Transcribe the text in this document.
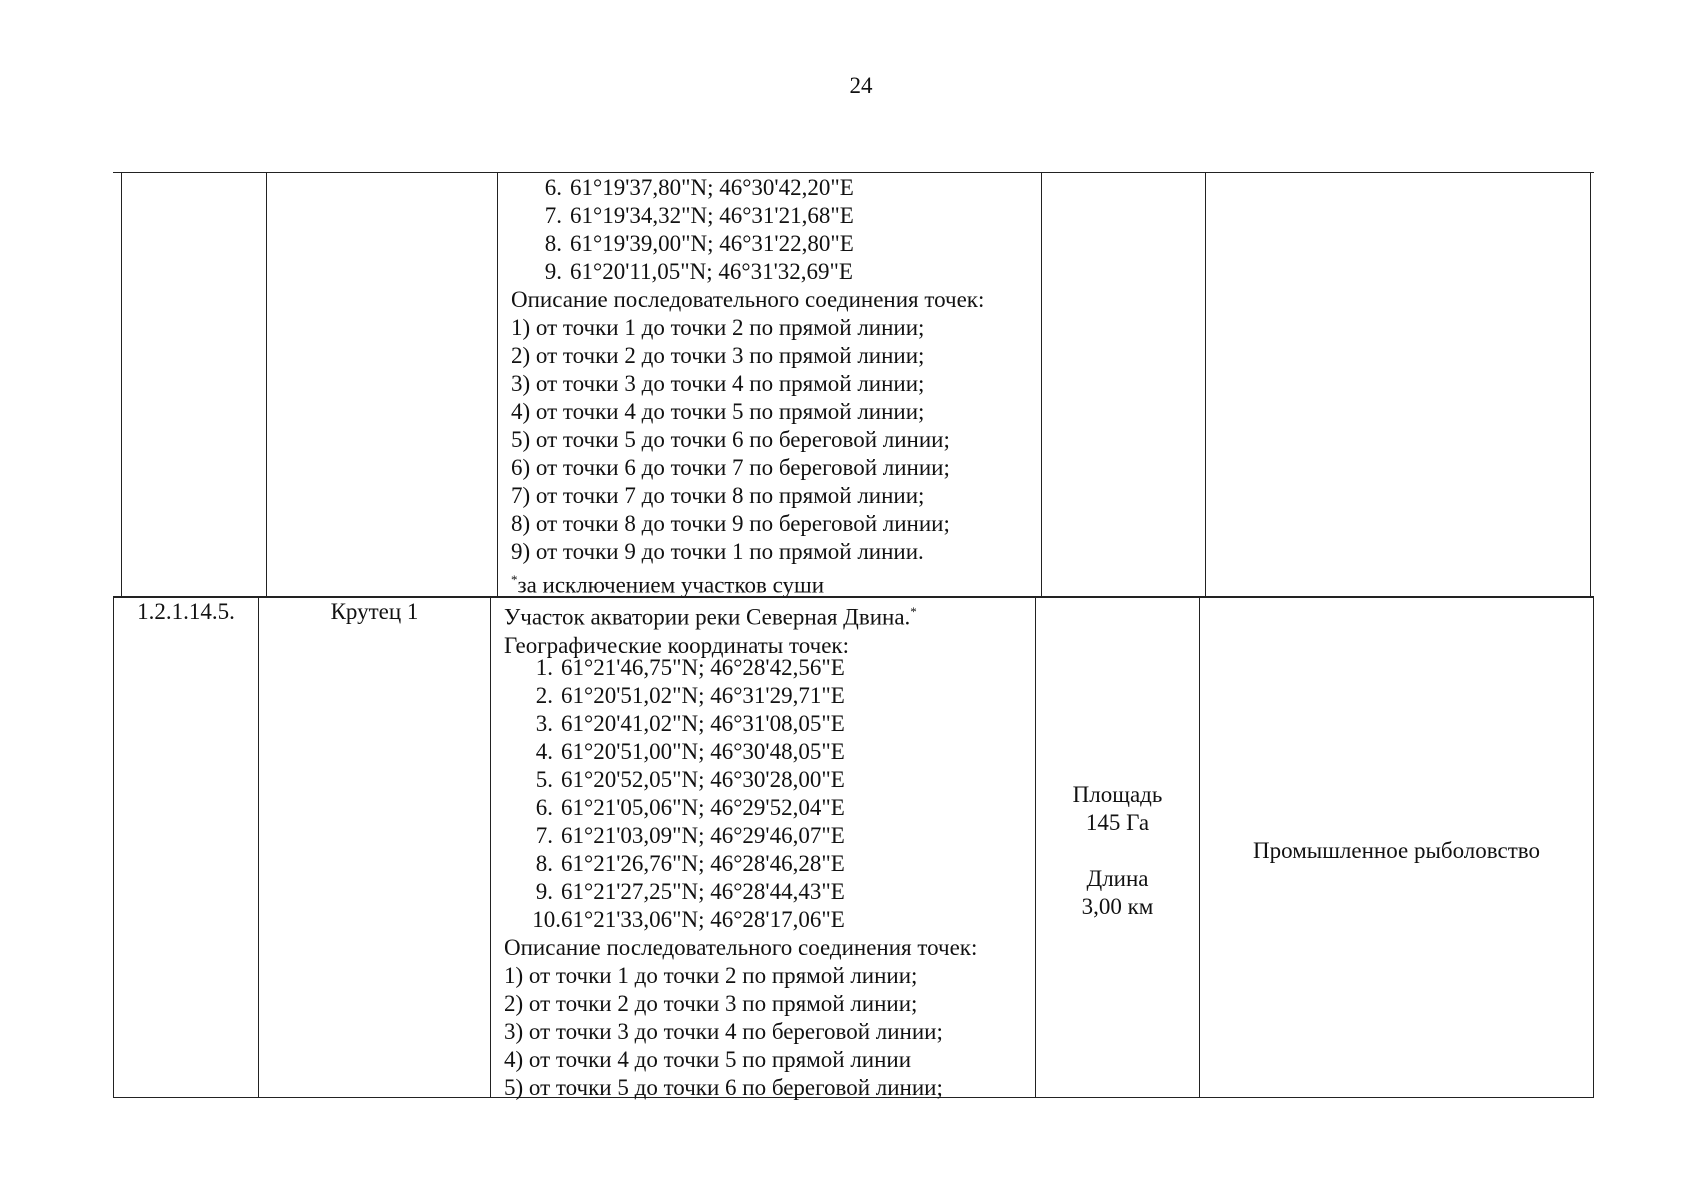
24
6. 61°19'37,80"N; 46°30'42,20"E
7. 61°19'34,32"N; 46°31'21,68"E
8. 61°19'39,00"N; 46°31'22,80"E
9. 61°20'11,05"N; 46°31'32,69"E
Описание последовательного соединения точек:
1) от точки 1 до точки 2 по прямой линии;
2) от точки 2 до точки 3 по прямой линии;
3) от точки 3 до точки 4 по прямой линии;
4) от точки 4 до точки 5 по прямой линии;
5) от точки 5 до точки 6 по береговой линии;
6) от точки 6 до точки 7 по береговой линии;
7) от точки 7 до точки 8 по прямой линии;
8) от точки 8 до точки 9 по береговой линии;
9) от точки 9 до точки 1 по прямой линии.
*за исключением участков суши
1.2.1.14.5.	Крутец 1	Участок акватории реки Северная Двина.*
Географические координаты точек:
1. 61°21'46,75"N; 46°28'42,56"E
2. 61°20'51,02"N; 46°31'29,71"E
3. 61°20'41,02"N; 46°31'08,05"E
4. 61°20'51,00"N; 46°30'48,05"E
5. 61°20'52,05"N; 46°30'28,00"E
6. 61°21'05,06"N; 46°29'52,04"E
7. 61°21'03,09"N; 46°29'46,07"E
8. 61°21'26,76"N; 46°28'46,28"E
9. 61°21'27,25"N; 46°28'44,43"E
10.61°21'33,06"N; 46°28'17,06"E
Описание последовательного соединения точек:
1) от точки 1 до точки 2 по прямой линии;
2) от точки 2 до точки 3 по прямой линии;
3) от точки 3 до точки 4 по береговой линии;
4) от точки 4 до точки 5 по прямой линии
5) от точки 5 до точки 6 по береговой линии;
Площадь
145 Га

Длина
3,00 км
Промышленное рыболовство
